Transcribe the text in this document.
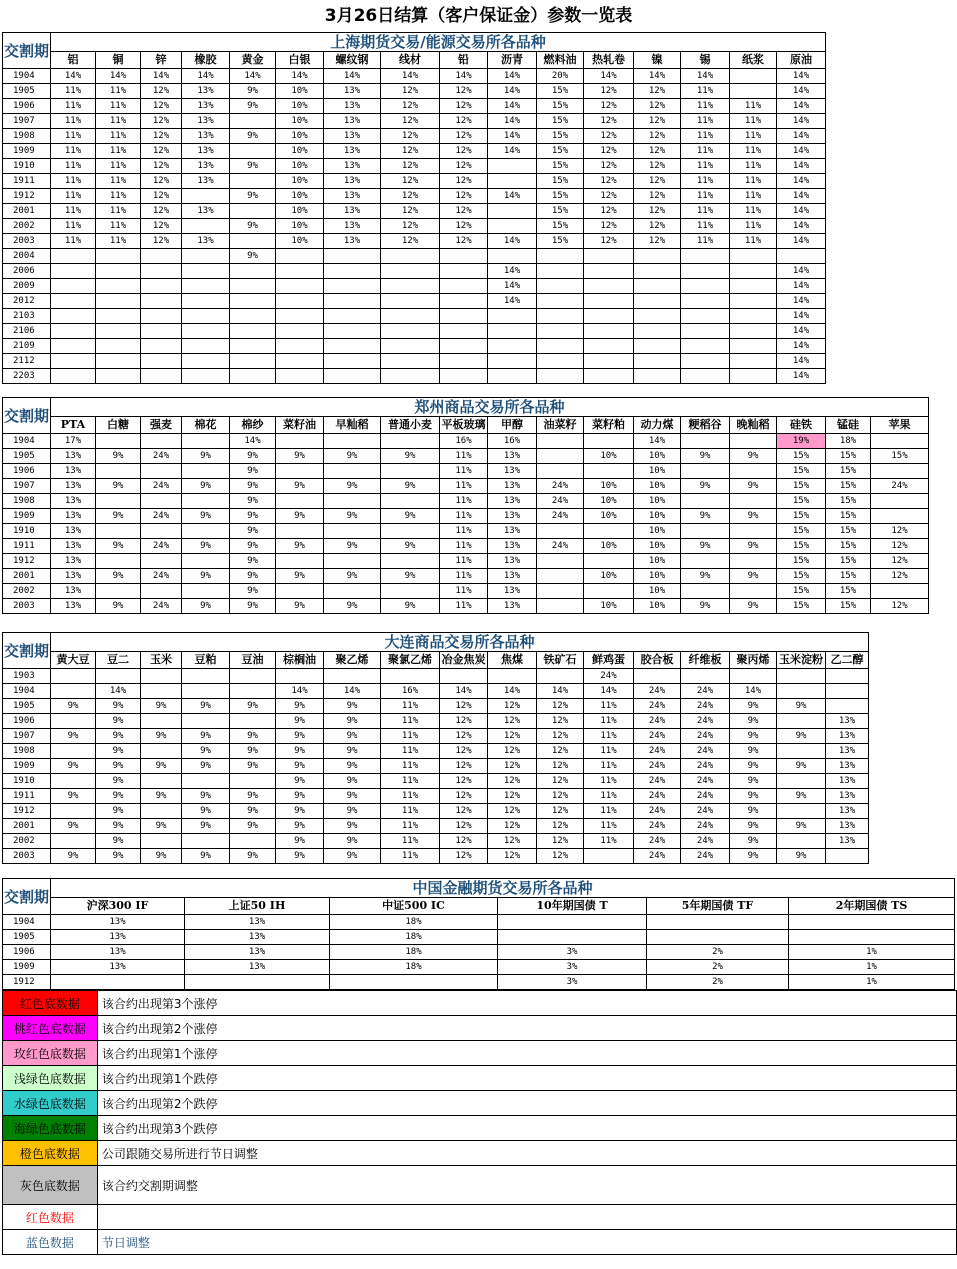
3月26日结算（客户保证金）参数一览表
交割期	上海期货交易/能源交易所各品种															
	铝	铜	锌	橡胶	黄金	白银	螺纹钢	线材	铅	沥青	燃料油	热轧卷	镍	锡	纸浆	原油
1904	14%	14%	14%	14%	14%	14%	14%	14%	14%	14%	20%	14%	14%	14%		14%
1905	11%	11%	12%	13%	9%	10%	13%	12%	12%	14%	15%	12%	12%	11%		14%
1906	11%	11%	12%	13%	9%	10%	13%	12%	12%	14%	15%	12%	12%	11%	11%	14%
1907	11%	11%	12%	13%		10%	13%	12%	12%	14%	15%	12%	12%	11%	11%	14%
1908	11%	11%	12%	13%	9%	10%	13%	12%	12%	14%	15%	12%	12%	11%	11%	14%
1909	11%	11%	12%	13%		10%	13%	12%	12%	14%	15%	12%	12%	11%	11%	14%
1910	11%	11%	12%	13%	9%	10%	13%	12%	12%		15%	12%	12%	11%	11%	14%
1911	11%	11%	12%	13%		10%	13%	12%	12%		15%	12%	12%	11%	11%	14%
1912	11%	11%	12%		9%	10%	13%	12%	12%	14%	15%	12%	12%	11%	11%	14%
2001	11%	11%	12%	13%		10%	13%	12%	12%		15%	12%	12%	11%	11%	14%
2002	11%	11%	12%		9%	10%	13%	12%	12%		15%	12%	12%	11%	11%	14%
2003	11%	11%	12%	13%		10%	13%	12%	12%	14%	15%	12%	12%	11%	11%	14%
2004					9%											
2006										14%						14%
2009										14%						14%
2012										14%						14%
2103																14%
2106																14%
2109																14%
2112																14%
2203																14%
交割期	郑州商品交易所各品种																	
	PTA	白糖	强麦	棉花	棉纱	菜籽油	早籼稻	普通小麦	平板玻璃	甲醇	油菜籽	菜籽粕	动力煤	粳稻谷	晚籼稻	硅铁	锰硅	苹果
1904	17%				14%				16%	16%			14%			19%	18%	
1905	13%	9%	24%	9%	9%	9%	9%	9%	11%	13%		10%	10%	9%	9%	15%	15%	15%
1906	13%				9%				11%	13%			10%			15%	15%	
1907	13%	9%	24%	9%	9%	9%	9%	9%	11%	13%	24%	10%	10%	9%	9%	15%	15%	24%
1908	13%				9%				11%	13%	24%	10%	10%			15%	15%	
1909	13%	9%	24%	9%	9%	9%	9%	9%	11%	13%	24%	10%	10%	9%	9%	15%	15%	
1910	13%				9%				11%	13%			10%			15%	15%	12%
1911	13%	9%	24%	9%	9%	9%	9%	9%	11%	13%	24%	10%	10%	9%	9%	15%	15%	12%
1912	13%				9%				11%	13%			10%			15%	15%	12%
2001	13%	9%	24%	9%	9%	9%	9%	9%	11%	13%		10%	10%	9%	9%	15%	15%	12%
2002	13%				9%				11%	13%			10%			15%	15%	
2003	13%	9%	24%	9%	9%	9%	9%	9%	11%	13%		10%	10%	9%	9%	15%	15%	12%
交割期	大连商品交易所各品种																
	黄大豆	豆二	玉米	豆粕	豆油	棕榈油	聚乙烯	聚氯乙烯	冶金焦炭	焦煤	铁矿石	鲜鸡蛋	胶合板	纤维板	聚丙烯	玉米淀粉	乙二醇
1903												24%					
1904		14%				14%	14%	16%	14%	14%	14%	14%	24%	24%	14%		
1905	9%	9%	9%	9%	9%	9%	9%	11%	12%	12%	12%	11%	24%	24%	9%	9%	
1906		9%				9%	9%	11%	12%	12%	12%	11%	24%	24%	9%		13%
1907	9%	9%	9%	9%	9%	9%	9%	11%	12%	12%	12%	11%	24%	24%	9%	9%	13%
1908		9%		9%	9%	9%	9%	11%	12%	12%	12%	11%	24%	24%	9%		13%
1909	9%	9%	9%	9%	9%	9%	9%	11%	12%	12%	12%	11%	24%	24%	9%	9%	13%
1910		9%				9%	9%	11%	12%	12%	12%	11%	24%	24%	9%		13%
1911	9%	9%	9%	9%	9%	9%	9%	11%	12%	12%	12%	11%	24%	24%	9%	9%	13%
1912		9%		9%	9%	9%	9%	11%	12%	12%	12%	11%	24%	24%	9%		13%
2001	9%	9%	9%	9%	9%	9%	9%	11%	12%	12%	12%	11%	24%	24%	9%	9%	13%
2002		9%				9%	9%	11%	12%	12%	12%	11%	24%	24%	9%		13%
2003	9%	9%	9%	9%	9%	9%	9%	11%	12%	12%	12%		24%	24%	9%	9%	
交割期	中国金融期货交易所各品种					
	沪深300 IF	上证50 IH	中证500 IC	10年期国债 T	5年期国债 TF	2年期国债 TS
1904	13%	13%	18%			
1905	13%	13%	18%			
1906	13%	13%	18%	3%	2%	1%
1909	13%	13%	18%	3%	2%	1%
1912				3%	2%	1%
红色底数据	该合约出现第3个涨停
桃红色底数据	该合约出现第2个涨停
玫红色底数据	该合约出现第1个涨停
浅绿色底数据	该合约出现第1个跌停
水绿色底数据	该合约出现第2个跌停
海绿色底数据	该合约出现第3个跌停
橙色底数据	公司跟随交易所进行节日调整
灰色底数据	该合约交割期调整
红色数据	
蓝色数据	节日调整
